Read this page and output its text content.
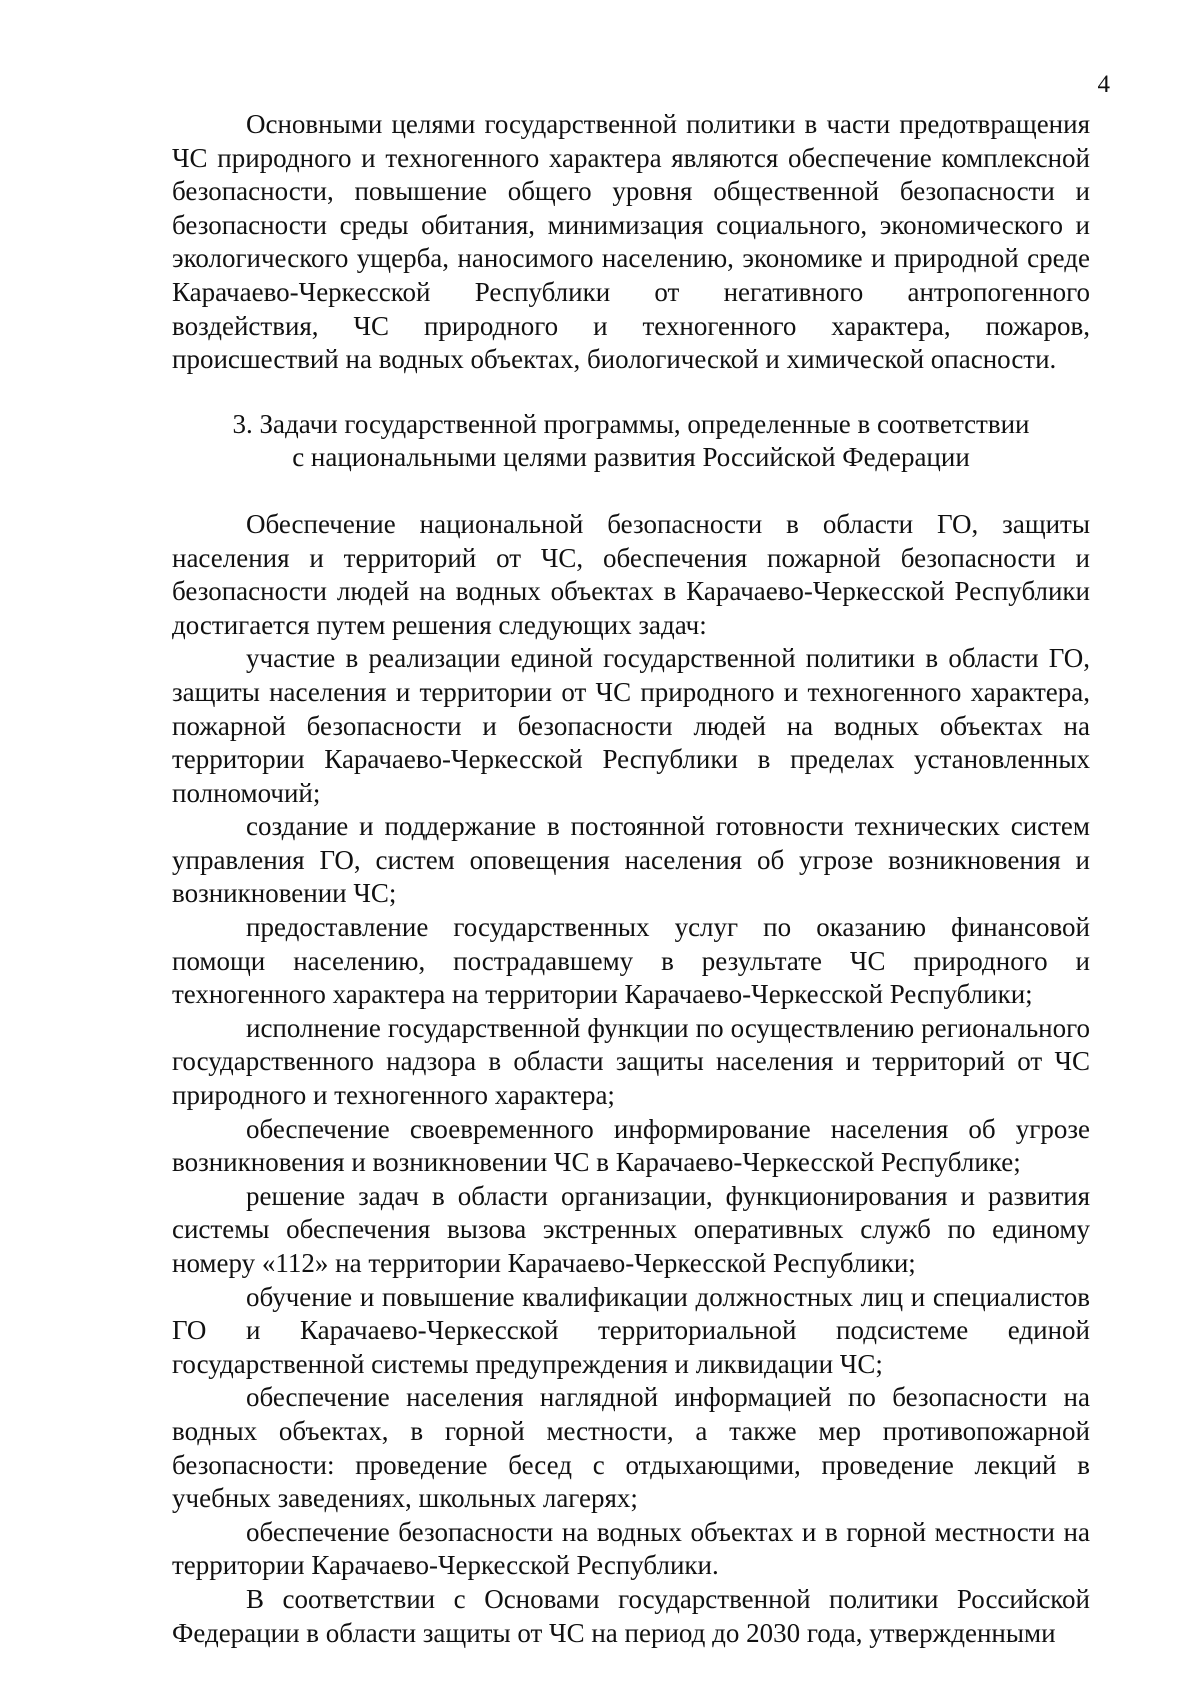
4

Основными целями государственной политики в части предотвращения ЧС природного и техногенного характера являются обеспечение комплексной безопасности, повышение общего уровня общественной безопасности и безопасности среды обитания, минимизация социального, экономического и экологического ущерба, наносимого населению, экономике и природной среде Карачаево-Черкесской Республики от негативного антропогенного воздействия, ЧС природного и техногенного характера, пожаров, происшествий на водных объектах, биологической и химической опасности.

3. Задачи государственной программы, определенные в соответствии
с национальными целями развития Российской Федерации

Обеспечение национальной безопасности в области ГО, защиты населения и территорий от ЧС, обеспечения пожарной безопасности и безопасности людей на водных объектах в Карачаево-Черкесской Республики достигается путем решения следующих задач:

участие в реализации единой государственной политики в области ГО, защиты населения и территории от ЧС природного и техногенного характера, пожарной безопасности и безопасности людей на водных объектах на территории Карачаево-Черкесской Республики в пределах установленных полномочий;

создание и поддержание в постоянной готовности технических систем управления ГО, систем оповещения населения об угрозе возникновения и возникновении ЧС;

предоставление государственных услуг по оказанию финансовой помощи населению, пострадавшему в результате ЧС природного и техногенного характера на территории Карачаево-Черкесской Республики;

исполнение государственной функции по осуществлению регионального государственного надзора в области защиты населения и территорий от ЧС природного и техногенного характера;

обеспечение своевременного информирование населения об угрозе возникновения и возникновении ЧС в Карачаево-Черкесской Республике;

решение задач в области организации, функционирования и развития системы обеспечения вызова экстренных оперативных служб по единому номеру «112» на территории Карачаево-Черкесской Республики;

обучение и повышение квалификации должностных лиц и специалистов ГО и Карачаево-Черкесской территориальной подсистеме единой государственной системы предупреждения и ликвидации ЧС;

обеспечение населения наглядной информацией по безопасности на водных объектах, в горной местности, а также мер противопожарной безопасности: проведение бесед с отдыхающими, проведение лекций в учебных заведениях, школьных лагерях;

обеспечение безопасности на водных объектах и в горной местности на территории Карачаево-Черкесской Республики.

В соответствии с Основами государственной политики Российской Федерации в области защиты от ЧС на период до 2030 года, утвержденными
